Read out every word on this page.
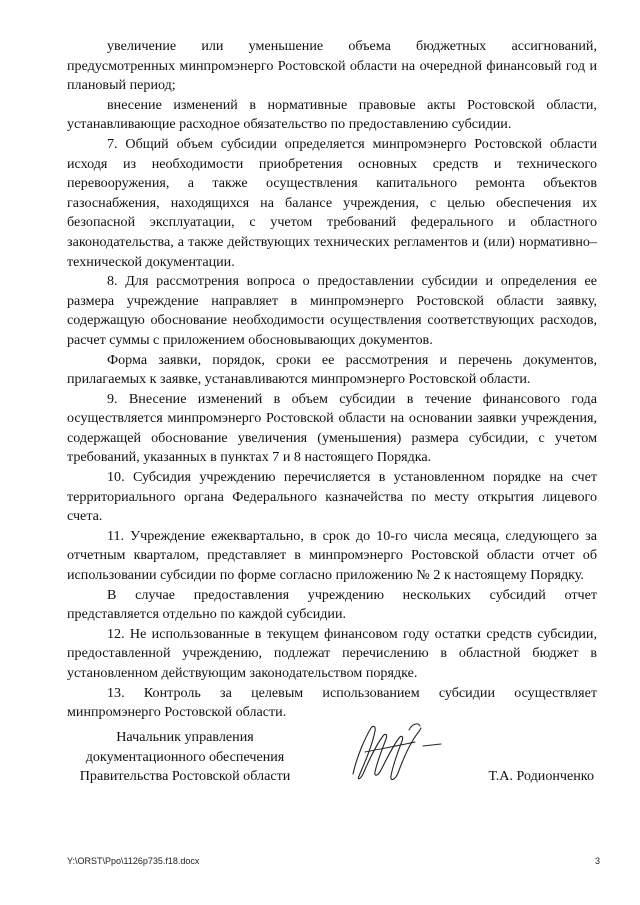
увеличение или уменьшение объема бюджетных ассигнований, предусмотренных минпромэнерго Ростовской области на очередной финансовый год и плановый период;

внесение изменений в нормативные правовые акты Ростовской области, устанавливающие расходное обязательство по предоставлению субсидии.

7. Общий объем субсидии определяется минпромэнерго Ростовской области исходя из необходимости приобретения основных средств и технического перевооружения, а также осуществления капитального ремонта объектов газоснабжения, находящихся на балансе учреждения, с целью обеспечения их безопасной эксплуатации, с учетом требований федерального и областного законодательства, а также действующих технических регламентов и (или) нормативно–технической документации.

8. Для рассмотрения вопроса о предоставлении субсидии и определения ее размера учреждение направляет в минпромэнерго Ростовской области заявку, содержащую обоснование необходимости осуществления соответствующих расходов, расчет суммы с приложением обосновывающих документов.

Форма заявки, порядок, сроки ее рассмотрения и перечень документов, прилагаемых к заявке, устанавливаются минпромэнерго Ростовской области.

9. Внесение изменений в объем субсидии в течение финансового года осуществляется минпромэнерго Ростовской области на основании заявки учреждения, содержащей обоснование увеличения (уменьшения) размера субсидии, с учетом требований, указанных в пунктах 7 и 8 настоящего Порядка.

10. Субсидия учреждению перечисляется в установленном порядке на счет территориального органа Федерального казначейства по месту открытия лицевого счета.

11. Учреждение ежеквартально, в срок до 10-го числа месяца, следующего за отчетным кварталом, представляет в минпромэнерго Ростовской области отчет об использовании субсидии по форме согласно приложению № 2 к настоящему Порядку.

В случае предоставления учреждению нескольких субсидий отчет представляется отдельно по каждой субсидии.

12. Не использованные в текущем финансовом году остатки средств субсидии, предоставленной учреждению, подлежат перечислению в областной бюджет в установленном действующим законодательством порядке.

13. Контроль за целевым использованием субсидии осуществляет минпромэнерго Ростовской области.

Начальник управления
документационного обеспечения
Правительства Ростовской области	Т.А. Родионченко
Y:\ORST\Ppo\1126p735.f18.docx	3
